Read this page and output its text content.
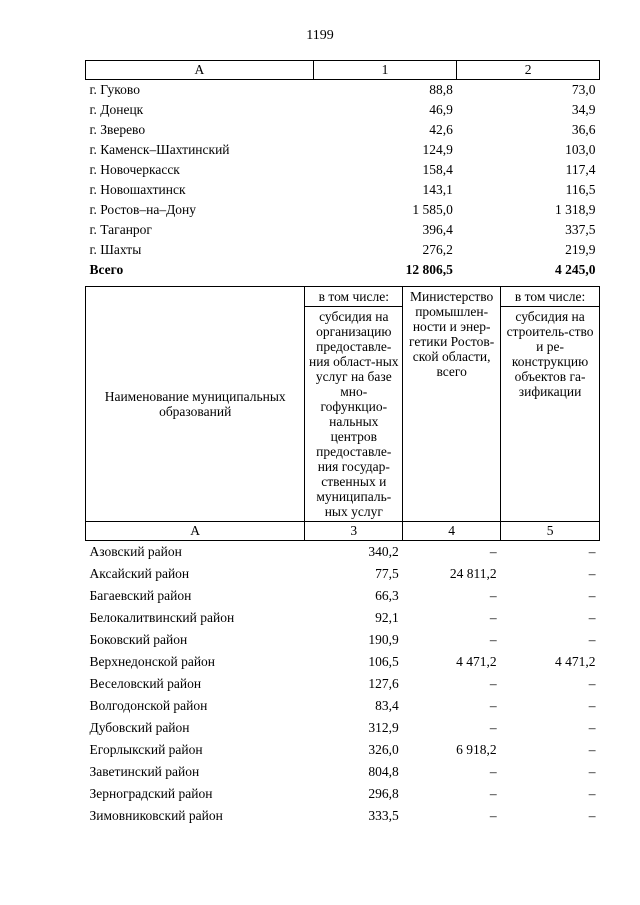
1199
А	1	2
г. Гуково	88,8	73,0
г. Донецк	46,9	34,9
г. Зверево	42,6	36,6
г. Каменск–Шахтинский	124,9	103,0
г. Новочеркасск	158,4	117,4
г. Новошахтинск	143,1	116,5
г. Ростов–на–Дону	1 585,0	1 318,9
г. Таганрог	396,4	337,5
г. Шахты	276,2	219,9
Всего	12 806,5	4 245,0
Наименование муниципальных образований	в том числе:	Министерство промышлен-ности и энер-гетики Ростов-ской области, всего	в том числе:
	субсидия на организацию предоставле-ния област-ных услуг на базе мно-гофункцио-нальных центров предоставле-ния государ-ственных и муниципаль-ных услуг		субсидия на строитель-ство и ре-конструкцию объектов га-зификации
А	3	4	5
Азовский район	340,2	–	–
Аксайский район	77,5	24 811,2	–
Багаевский район	66,3	–	–
Белокалитвинский район	92,1	–	–
Боковский район	190,9	–	–
Верхнедонской район	106,5	4 471,2	4 471,2
Веселовский район	127,6	–	–
Волгодонской район	83,4	–	–
Дубовский район	312,9	–	–
Егорлыкский район	326,0	6 918,2	–
Заветинский район	804,8	–	–
Зерноградский район	296,8	–	–
Зимовниковский район	333,5	–	–
